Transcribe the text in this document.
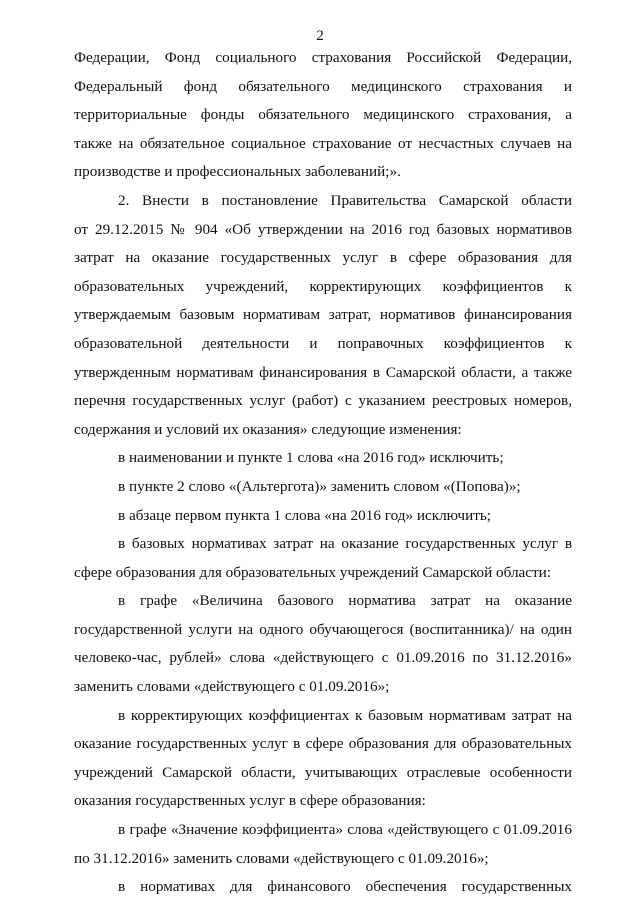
2
Федерации, Фонд социального страхования Российской Федерации,
Федеральный фонд обязательного медицинского страхования и
территориальные фонды обязательного медицинского страхования, а
также на обязательное социальное страхование от несчастных случаев на
производстве и профессиональных заболеваний;».
2. Внести в постановление Правительства Самарской области
от 29.12.2015 № 904 «Об утверждении на 2016 год базовых нормативов
затрат на оказание государственных услуг в сфере образования для
образовательных учреждений, корректирующих коэффициентов к
утверждаемым базовым нормативам затрат, нормативов финансирования
образовательной деятельности и поправочных коэффициентов к
утвержденным нормативам финансирования в Самарской области, а также
перечня государственных услуг (работ) с указанием реестровых номеров,
содержания и условий их оказания» следующие изменения:
в наименовании и пункте 1 слова «на 2016 год» исключить;
в пункте 2 слово «(Альтергота)» заменить словом «(Попова)»;
в абзаце первом пункта 1 слова «на 2016 год» исключить;
в базовых нормативах затрат на оказание государственных услуг в
сфере образования для образовательных учреждений Самарской области:
в графе «Величина базового норматива затрат на оказание
государственной услуги на одного обучающегося (воспитанника)/ на один
человеко-час, рублей» слова «действующего с 01.09.2016 по 31.12.2016»
заменить словами «действующего с 01.09.2016»;
в корректирующих коэффициентах к базовым нормативам затрат на
оказание государственных услуг в сфере образования для образовательных
учреждений Самарской области, учитывающих отраслевые особенности
оказания государственных услуг в сфере образования:
в графе «Значение коэффициента» слова «действующего с 01.09.2016
по 31.12.2016» заменить словами «действующего с 01.09.2016»;
в нормативах для финансового обеспечения государственных
